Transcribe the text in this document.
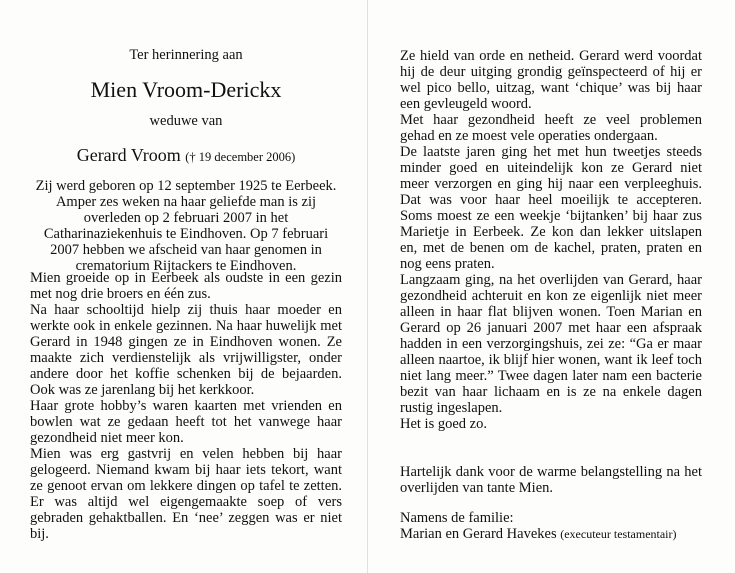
Ter herinnering aan
Mien Vroom-Derickx
weduwe van
Gerard Vroom († 19 december 2006)
Zij werd geboren op 12 september 1925 te Eerbeek. Amper zes weken na haar geliefde man is zij overleden op 2 februari 2007 in het Catharinaziekenhuis te Eindhoven. Op 7 februari 2007 hebben we afscheid van haar genomen in crematorium Rijtackers te Eindhoven.

Mien groeide op in Eerbeek als oudste in een gezin met nog drie broers en één zus.

Na haar schooltijd hielp zij thuis haar moeder en werkte ook in enkele gezinnen. Na haar huwelijk met Gerard in 1948 gingen ze in Eindhoven wonen. Ze maakte zich verdienstelijk als vrijwilligster, onder andere door het koffie schenken bij de bejaarden. Ook was ze jarenlang bij het kerkkoor.

Haar grote hobby’s waren kaarten met vrienden en bowlen wat ze gedaan heeft tot het vanwege haar gezondheid niet meer kon.

Mien was erg gastvrij en velen hebben bij haar gelogeerd. Niemand kwam bij haar iets tekort, want ze genoot ervan om lekkere dingen op tafel te zetten. Er was altijd wel eigengemaakte soep of vers gebraden gehaktballen. En ‘nee’ zeggen was er niet bij.

Ze hield van orde en netheid. Gerard werd voordat hij de deur uitging grondig geïnspecteerd of hij er wel pico bello, uitzag, want ‘chique’ was bij haar een gevleugeld woord.

Met haar gezondheid heeft ze veel problemen gehad en ze moest vele operaties ondergaan.

De laatste jaren ging het met hun tweetjes steeds minder goed en uiteindelijk kon ze Gerard niet meer verzorgen en ging hij naar een verpleeghuis. Dat was voor haar heel moeilijk te accepteren. Soms moest ze een weekje ‘bijtanken’ bij haar zus Marietje in Eerbeek. Ze kon dan lekker uitslapen en, met de benen om de kachel, praten, praten en nog eens praten.

Langzaam ging, na het overlijden van Gerard, haar gezondheid achteruit en kon ze eigenlijk niet meer alleen in haar flat blijven wonen. Toen Marian en Gerard op 26 januari 2007 met haar een afspraak hadden in een verzorgingshuis, zei ze: “Ga er maar alleen naartoe, ik blijf hier wonen, want ik leef toch niet lang meer.” Twee dagen later nam een bacterie bezit van haar lichaam en is ze na enkele dagen rustig ingeslapen.

Het is goed zo.

Hartelijk dank voor de warme belangstelling na het overlijden van tante Mien.

Namens de familie:
Marian en Gerard Havekes (executeur testamentair)
